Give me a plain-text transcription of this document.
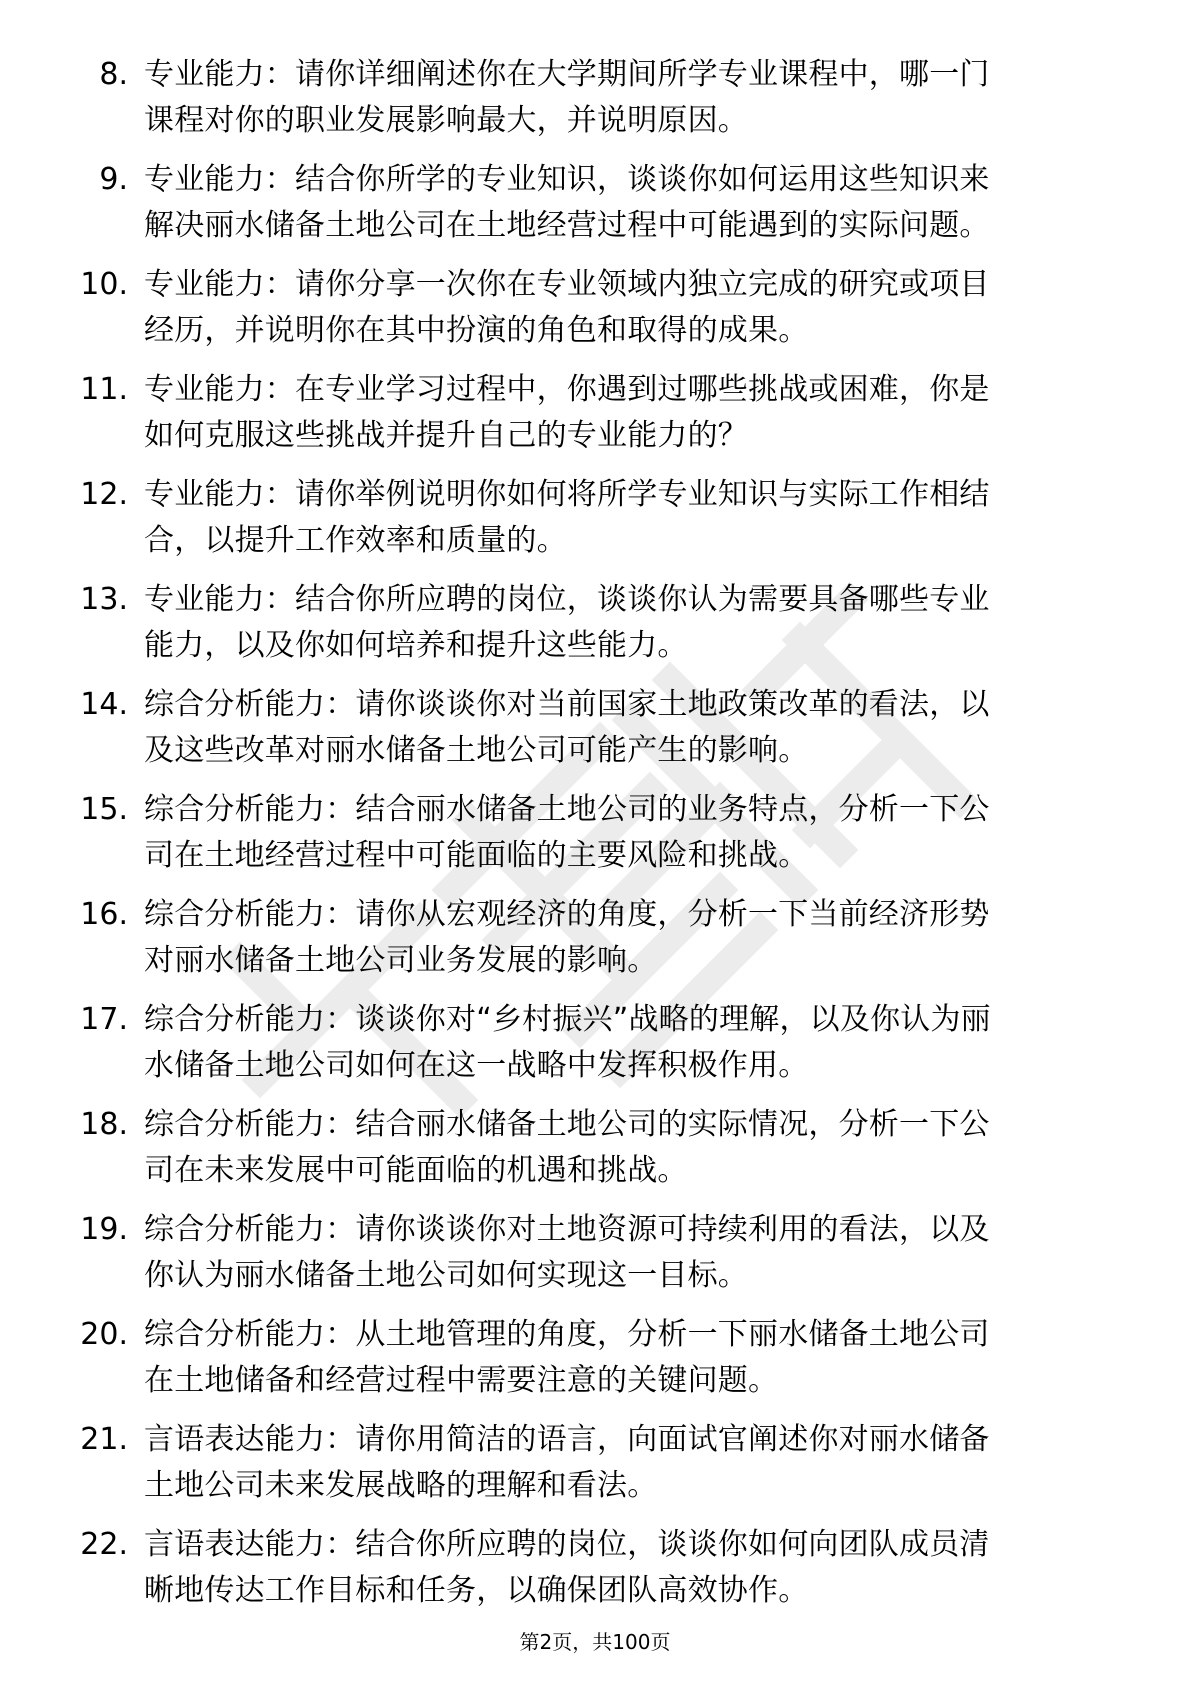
8. 专业能力：请你详细阐述你在大学期间所学专业课程中，哪一门
课程对你的职业发展影响最大，并说明原因。
9. 专业能力：结合你所学的专业知识，谈谈你如何运用这些知识来
解决丽水储备土地公司在土地经营过程中可能遇到的实际问题。
10. 专业能力：请你分享一次你在专业领域内独立完成的研究或项目
经历，并说明你在其中扮演的角色和取得的成果。
11. 专业能力：在专业学习过程中，你遇到过哪些挑战或困难，你是
如何克服这些挑战并提升自己的专业能力的？
12. 专业能力：请你举例说明你如何将所学专业知识与实际工作相结
合，以提升工作效率和质量的。
13. 专业能力：结合你所应聘的岗位，谈谈你认为需要具备哪些专业
能力，以及你如何培养和提升这些能力。
14. 综合分析能力：请你谈谈你对当前国家土地政策改革的看法，以
及这些改革对丽水储备土地公司可能产生的影响。
15. 综合分析能力：结合丽水储备土地公司的业务特点，分析一下公
司在土地经营过程中可能面临的主要风险和挑战。
16. 综合分析能力：请你从宏观经济的角度，分析一下当前经济形势
对丽水储备土地公司业务发展的影响。
17. 综合分析能力：谈谈你对“乡村振兴”战略的理解，以及你认为丽
水储备土地公司如何在这一战略中发挥积极作用。
18. 综合分析能力：结合丽水储备土地公司的实际情况，分析一下公
司在未来发展中可能面临的机遇和挑战。
19. 综合分析能力：请你谈谈你对土地资源可持续利用的看法，以及
你认为丽水储备土地公司如何实现这一目标。
20. 综合分析能力：从土地管理的角度，分析一下丽水储备土地公司
在土地储备和经营过程中需要注意的关键问题。
21. 言语表达能力：请你用简洁的语言，向面试官阐述你对丽水储备
土地公司未来发展战略的理解和看法。
22. 言语表达能力：结合你所应聘的岗位，谈谈你如何向团队成员清
晰地传达工作目标和任务，以确保团队高效协作。
第2页，共100页
